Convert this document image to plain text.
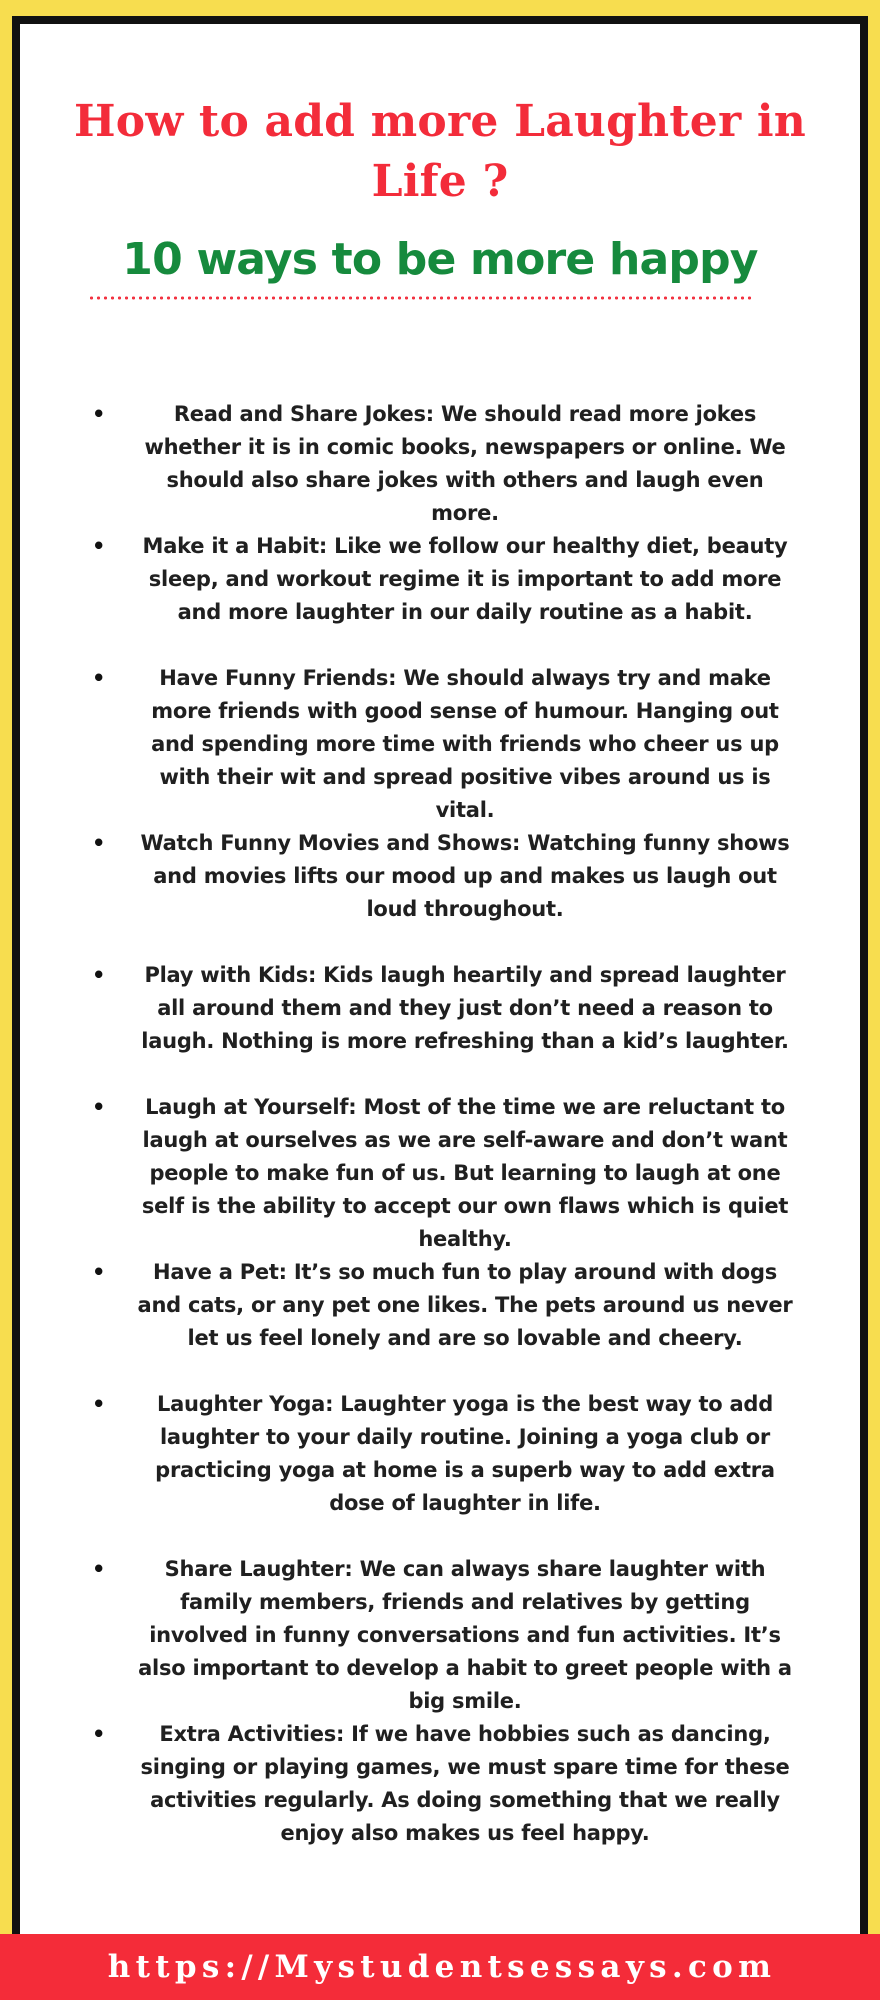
How to add more Laughter in Life ?
10 ways to be more happy
•	Read and Share Jokes: We should read more jokes whether it is in comic books, newspapers or online. We should also share jokes with others and laugh even more.
•	Make it a Habit: Like we follow our healthy diet, beauty sleep, and workout regime it is important to add more and more laughter in our daily routine as a habit.
•	Have Funny Friends: We should always try and make more friends with good sense of humour. Hanging out and spending more time with friends who cheer us up with their wit and spread positive vibes around us is vital.
•	Watch Funny Movies and Shows: Watching funny shows and movies lifts our mood up and makes us laugh out loud throughout.
•	Play with Kids: Kids laugh heartily and spread laughter all around them and they just don’t need a reason to laugh. Nothing is more refreshing than a kid’s laughter.
•	Laugh at Yourself: Most of the time we are reluctant to laugh at ourselves as we are self-aware and don’t want people to make fun of us. But learning to laugh at one self is the ability to accept our own flaws which is quiet healthy.
•	Have a Pet: It’s so much fun to play around with dogs and cats, or any pet one likes. The pets around us never let us feel lonely and are so lovable and cheery.
•	Laughter Yoga: Laughter yoga is the best way to add laughter to your daily routine. Joining a yoga club or practicing yoga at home is a superb way to add extra dose of laughter in life.
•	Share Laughter: We can always share laughter with family members, friends and relatives by getting involved in funny conversations and fun activities. It’s also important to develop a habit to greet people with a big smile.
•	Extra Activities: If we have hobbies such as dancing, singing or playing games, we must spare time for these activities regularly. As doing something that we really enjoy also makes us feel happy.
https://Mystudentsessays.com
